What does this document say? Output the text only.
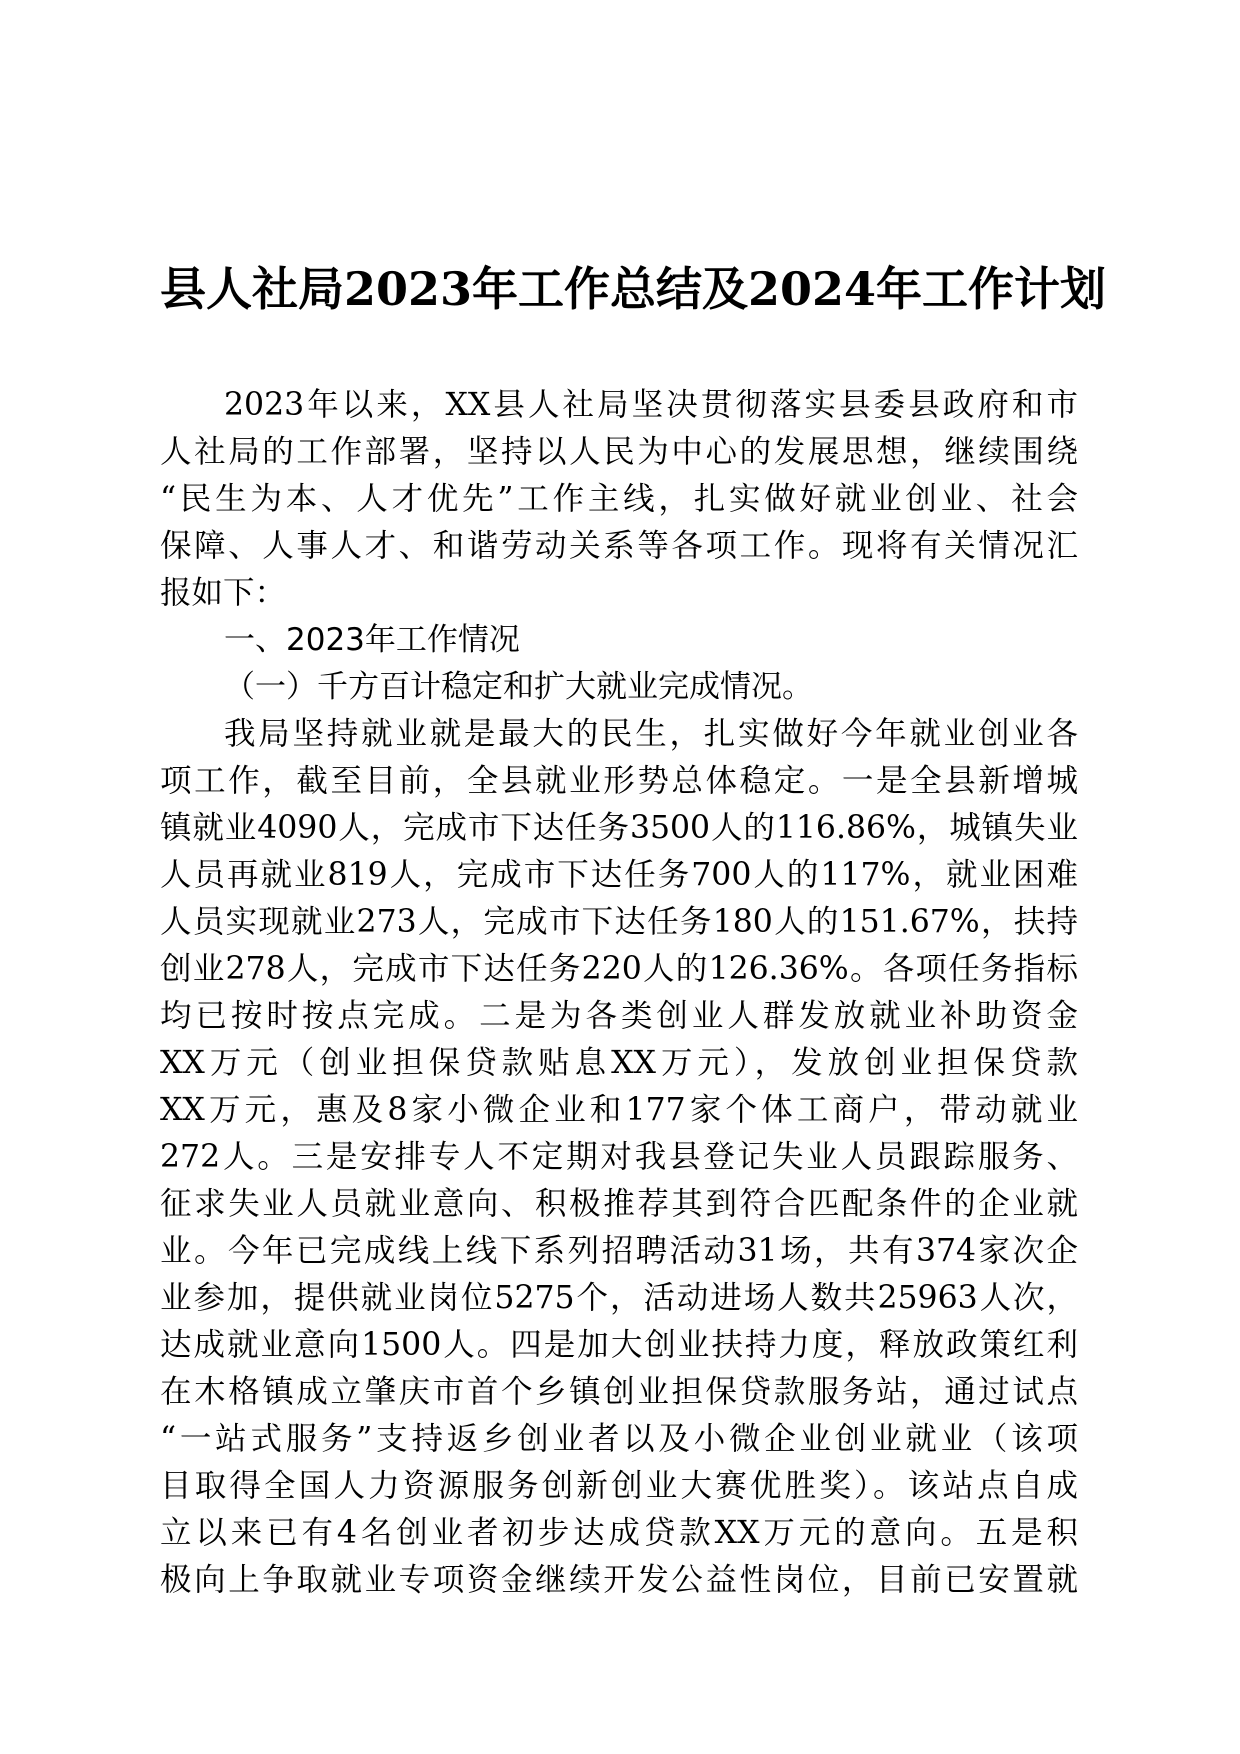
县人社局2023年工作总结及2024年工作计划
2023年以来，XX县人社局坚决贯彻落实县委县政府和市
人社局的工作部署，坚持以人民为中心的发展思想，继续围绕
“民生为本、人才优先”工作主线，扎实做好就业创业、社会
保障、人事人才、和谐劳动关系等各项工作。现将有关情况汇
报如下：
一、2023年工作情况
（一）千方百计稳定和扩大就业完成情况。
我局坚持就业就是最大的民生，扎实做好今年就业创业各
项工作，截至目前，全县就业形势总体稳定。一是全县新增城
镇就业4090人，完成市下达任务3500人的116.86%，城镇失业
人员再就业819人，完成市下达任务700人的117%，就业困难
人员实现就业273人，完成市下达任务180人的151.67%，扶持
创业278人，完成市下达任务220人的126.36%。各项任务指标
均已按时按点完成。二是为各类创业人群发放就业补助资金
XX万元（创业担保贷款贴息XX万元），发放创业担保贷款
XX万元，惠及8家小微企业和177家个体工商户，带动就业
272人。三是安排专人不定期对我县登记失业人员跟踪服务、
征求失业人员就业意向、积极推荐其到符合匹配条件的企业就
业。今年已完成线上线下系列招聘活动31场，共有374家次企
业参加，提供就业岗位5275个，活动进场人数共25963人次，
达成就业意向1500人。四是加大创业扶持力度，释放政策红利
在木格镇成立肇庆市首个乡镇创业担保贷款服务站，通过试点
“一站式服务”支持返乡创业者以及小微企业创业就业（该项
目取得全国人力资源服务创新创业大赛优胜奖）。该站点自成
立以来已有4名创业者初步达成贷款XX万元的意向。五是积
极向上争取就业专项资金继续开发公益性岗位，目前已安置就
